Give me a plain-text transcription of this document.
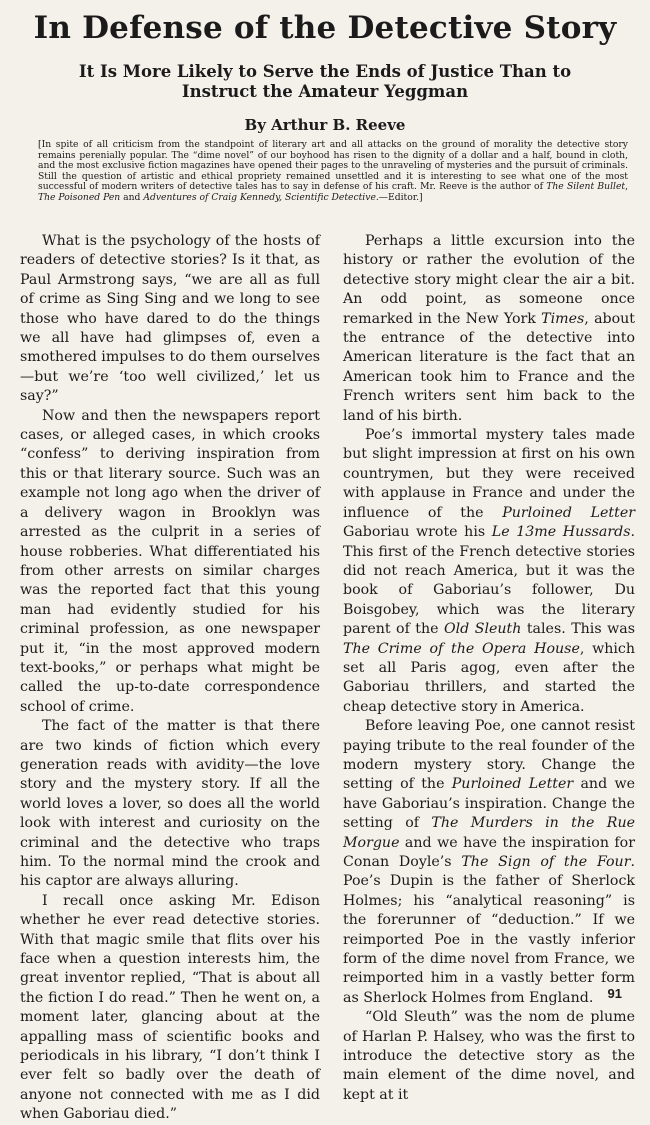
In Defense of the Detective Story
It Is More Likely to Serve the Ends of Justice Than to Instruct the Amateur Yeggman
By Arthur B. Reeve

[In spite of all criticism from the standpoint of literary art and all attacks on the ground of morality the detective story remains perenially popular. The “dime novel” of our boyhood has risen to the dignity of a dollar and a half, bound in cloth, and the most exclusive fiction magazines have opened their pages to the unraveling of mysteries and the pursuit of criminals. Still the question of artistic and ethical propriety remained unsettled and it is interesting to see what one of the most successful of modern writers of detective tales has to say in defense of his craft. Mr. Reeve is the author of The Silent Bullet, The Poisoned Pen and Adventures of Craig Kennedy, Scientific Detective.—Editor.]

What is the psychology of the hosts of readers of detective stories? Is it that, as Paul Armstrong says, “we are all as full of crime as Sing Sing and we long to see those who have dared to do the things we all have had glimpses of, even a smothered impulses to do them ourselves—but we’re ‘too well civilized,’ let us say?”

Now and then the newspapers report cases, or alleged cases, in which crooks “confess” to deriving inspiration from this or that literary source. Such was an example not long ago when the driver of a delivery wagon in Brooklyn was arrested as the culprit in a series of house robberies. What differentiated his from other arrests on similar charges was the reported fact that this young man had evidently studied for his criminal profession, as one newspaper put it, “in the most approved modern text-books,” or perhaps what might be called the up-to-date correspondence school of crime.

The fact of the matter is that there are two kinds of fiction which every generation reads with avidity—the love story and the mystery story. If all the world loves a lover, so does all the world look with interest and curiosity on the criminal and the detective who traps him. To the normal mind the crook and his captor are always alluring.

I recall once asking Mr. Edison whether he ever read detective stories. With that magic smile that flits over his face when a question interests him, the great inventor replied, “That is about all the fiction I do read.” Then he went on, a moment later, glancing about at the appalling mass of scientific books and periodicals in his library, “I don’t think I ever felt so badly over the death of anyone not connected with me as I did when Gaboriau died.”

Perhaps a little excursion into the history or rather the evolution of the detective story might clear the air a bit. An odd point, as someone once remarked in the New York Times, about the entrance of the detective into American literature is the fact that an American took him to France and the French writers sent him back to the land of his birth.

Poe’s immortal mystery tales made but slight impression at first on his own countrymen, but they were received with applause in France and under the influence of the Purloined Letter Gaboriau wrote his Le 13me Hussards. This first of the French detective stories did not reach America, but it was the book of Gaboriau’s follower, Du Boisgobey, which was the literary parent of the Old Sleuth tales. This was The Crime of the Opera House, which set all Paris agog, even after the Gaboriau thrillers, and started the cheap detective story in America.

Before leaving Poe, one cannot resist paying tribute to the real founder of the modern mystery story. Change the setting of the Purloined Letter and we have Gaboriau’s inspiration. Change the setting of The Murders in the Rue Morgue and we have the inspiration for Conan Doyle’s The Sign of the Four. Poe’s Dupin is the father of Sherlock Holmes; his “analytical reasoning” is the forerunner of “deduction.” If we reimported Poe in the vastly inferior form of the dime novel from France, we reimported him in a vastly better form as Sherlock Holmes from England.

“Old Sleuth” was the nom de plume of Harlan P. Halsey, who was the first to introduce the detective story as the main element of the dime novel, and kept at it

91
